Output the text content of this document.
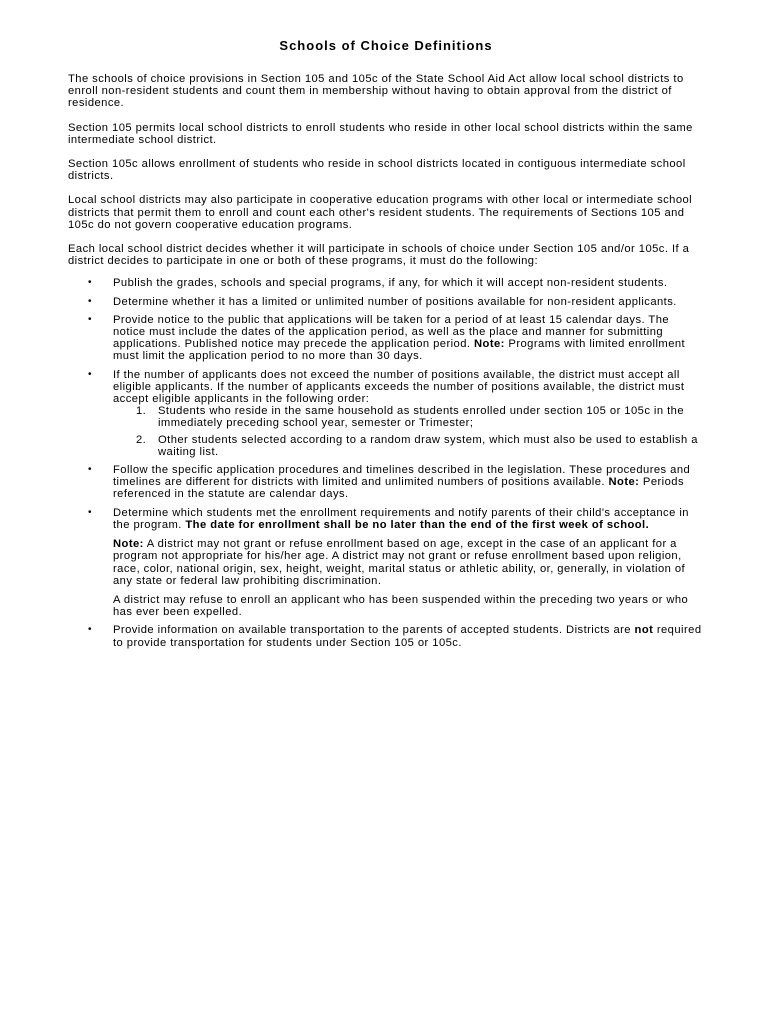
Schools of Choice Definitions

The schools of choice provisions in Section 105 and 105c of the State School Aid Act allow local school districts to enroll non-resident students and count them in membership without having to obtain approval from the district of residence.

Section 105 permits local school districts to enroll students who reside in other local school districts within the same intermediate school district.

Section 105c allows enrollment of students who reside in school districts located in contiguous intermediate school districts.

Local school districts may also participate in cooperative education programs with other local or intermediate school districts that permit them to enroll and count each other's resident students. The requirements of Sections 105 and 105c do not govern cooperative education programs.

Each local school district decides whether it will participate in schools of choice under Section 105 and/or 105c. If a district decides to participate in one or both of these programs, it must do the following:

•	Publish the grades, schools and special programs, if any, for which it will accept non-resident students.
•	Determine whether it has a limited or unlimited number of positions available for non-resident applicants.
•	Provide notice to the public that applications will be taken for a period of at least 15 calendar days. The notice must include the dates of the application period, as well as the place and manner for submitting applications. Published notice may precede the application period. Note: Programs with limited enrollment must limit the application period to no more than 30 days.
•	If the number of applicants does not exceed the number of positions available, the district must accept all eligible applicants. If the number of applicants exceeds the number of positions available, the district must accept eligible applicants in the following order:
1. Students who reside in the same household as students enrolled under section 105 or 105c in the immediately preceding school year, semester or Trimester;
2. Other students selected according to a random draw system, which must also be used to establish a waiting list.
•	Follow the specific application procedures and timelines described in the legislation. These procedures and timelines are different for districts with limited and unlimited numbers of positions available. Note: Periods referenced in the statute are calendar days.
•	Determine which students met the enrollment requirements and notify parents of their child's acceptance in the program. The date for enrollment shall be no later than the end of the first week of school.
Note: A district may not grant or refuse enrollment based on age, except in the case of an applicant for a program not appropriate for his/her age. A district may not grant or refuse enrollment based upon religion, race, color, national origin, sex, height, weight, marital status or athletic ability, or, generally, in violation of any state or federal law prohibiting discrimination.
A district may refuse to enroll an applicant who has been suspended within the preceding two years or who has ever been expelled.
•	Provide information on available transportation to the parents of accepted students. Districts are not required to provide transportation for students under Section 105 or 105c.
